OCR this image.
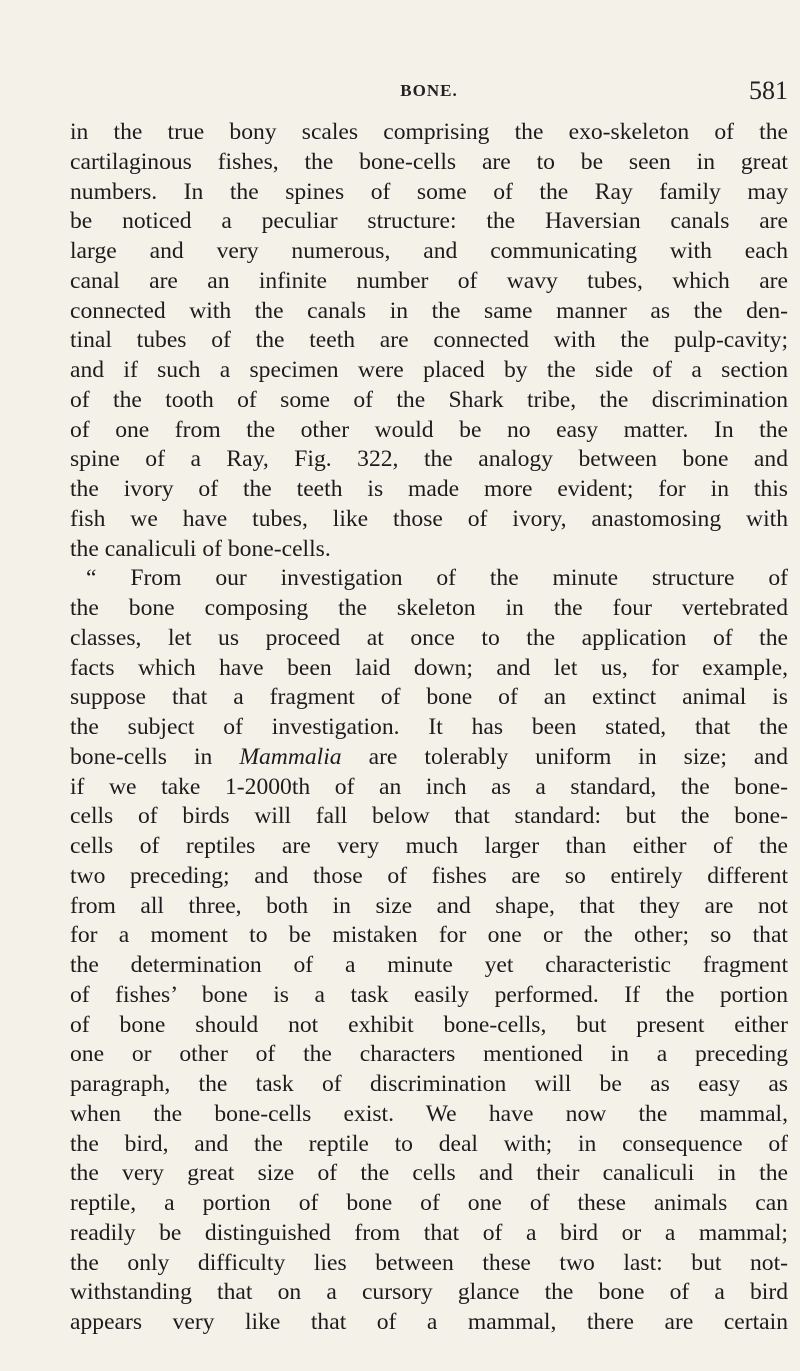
BONE.	581
in the true bony scales comprising the exo-skeleton of the
cartilaginous fishes, the bone-cells are to be seen in great
numbers. In the spines of some of the Ray family may
be noticed a peculiar structure: the Haversian canals are
large and very numerous, and communicating with each
canal are an infinite number of wavy tubes, which are
connected with the canals in the same manner as the den-
tinal tubes of the teeth are connected with the pulp-cavity;
and if such a specimen were placed by the side of a section
of the tooth of some of the Shark tribe, the discrimination
of one from the other would be no easy matter. In the
spine of a Ray, Fig. 322, the analogy between bone and
the ivory of the teeth is made more evident; for in this
fish we have tubes, like those of ivory, anastomosing with
the canaliculi of bone-cells.
“ From our investigation of the minute structure of
the bone composing the skeleton in the four vertebrated
classes, let us proceed at once to the application of the
facts which have been laid down; and let us, for example,
suppose that a fragment of bone of an extinct animal is
the subject of investigation. It has been stated, that the
bone-cells in Mammalia are tolerably uniform in size; and
if we take 1-2000th of an inch as a standard, the bone-
cells of birds will fall below that standard: but the bone-
cells of reptiles are very much larger than either of the
two preceding; and those of fishes are so entirely different
from all three, both in size and shape, that they are not
for a moment to be mistaken for one or the other; so that
the determination of a minute yet characteristic fragment
of fishes’ bone is a task easily performed. If the portion
of bone should not exhibit bone-cells, but present either
one or other of the characters mentioned in a preceding
paragraph, the task of discrimination will be as easy as
when the bone-cells exist. We have now the mammal,
the bird, and the reptile to deal with; in consequence of
the very great size of the cells and their canaliculi in the
reptile, a portion of bone of one of these animals can
readily be distinguished from that of a bird or a mammal;
the only difficulty lies between these two last: but not-
withstanding that on a cursory glance the bone of a bird
appears very like that of a mammal, there are certain
